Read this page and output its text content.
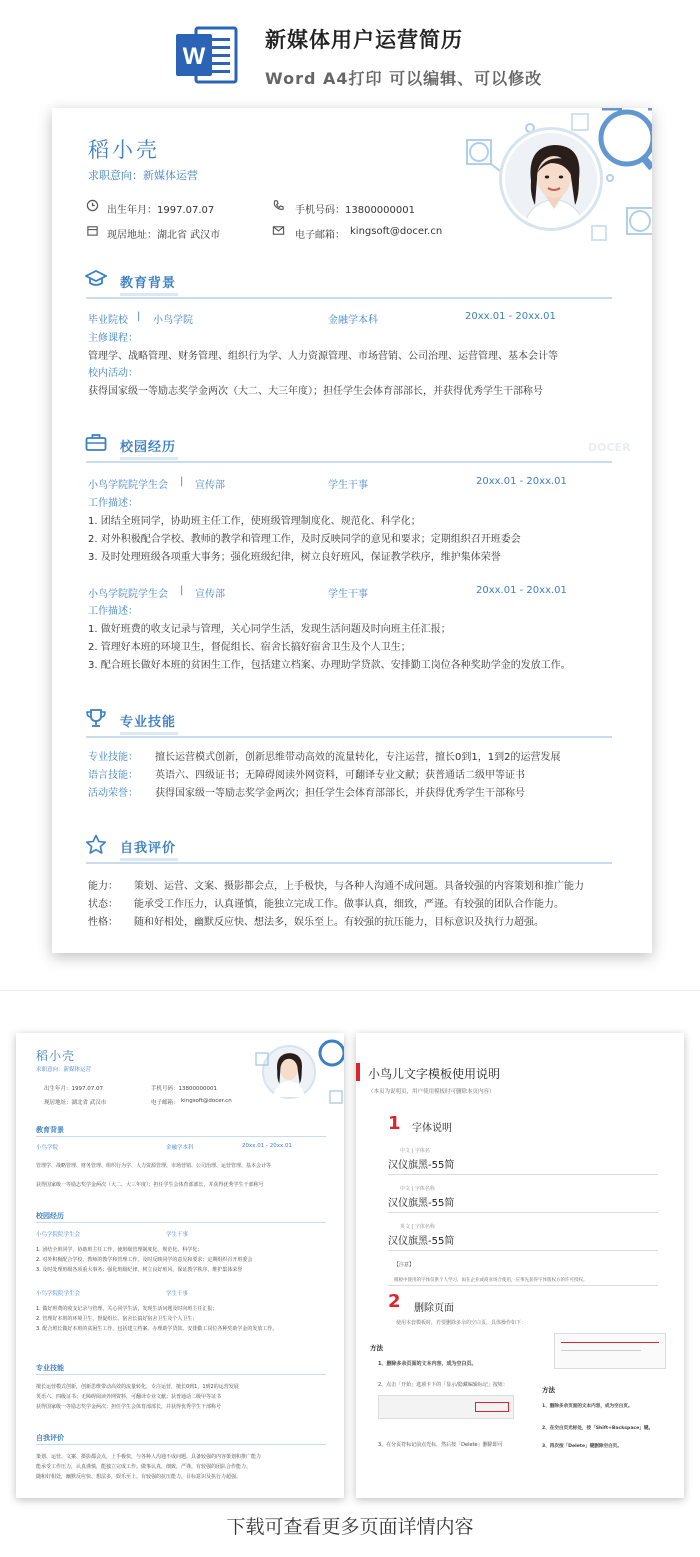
W
新媒体用户运营简历
Word A4打印 可以编辑、可以修改
稻小壳
求职意向：新媒体运营
出生年月：1997.07.07	手机号码：13800000001
现居地址：湖北省 武汉市	电子邮箱： kingsoft@docer.cn
教育背景
毕业院校 | 小鸟学院	金融学本科	20xx.01 - 20xx.01
主修课程：
管理学、战略管理、财务管理、组织行为学、人力资源管理、市场营销、公司治理、运营管理、基本会计等
校内活动：
获得国家级一等励志奖学金两次（大二、大三年度）；担任学生会体育部部长，并获得优秀学生干部称号
校园经历	DOCER
小鸟学院院学生会 | 宣传部	学生干事	20xx.01 - 20xx.01
工作描述：
1. 团结全班同学，协助班主任工作，使班级管理制度化、规范化、科学化；
2. 对外积极配合学校、教师的教学和管理工作，及时反映同学的意见和要求；定期组织召开班委会
3. 及时处理班级各项重大事务；强化班级纪律，树立良好班风，保证教学秩序，维护集体荣誉
小鸟学院院学生会 | 宣传部	学生干事	20xx.01 - 20xx.01
工作描述：
1. 做好班费的收支记录与管理，关心同学生活，发现生活问题及时向班主任汇报；
2. 管理好本班的环境卫生，督促组长、宿舍长搞好宿舍卫生及个人卫生；
3. 配合班长做好本班的贫困生工作，包括建立档案、办理助学贷款、安排勤工岗位各种奖助学金的发放工作。
专业技能
专业技能： 擅长运营模式创新，创新思维带动高效的流量转化，专注运营，擅长0到1，1到2的运营发展
语言技能： 英语六、四级证书；无障碍阅读外网资料，可翻译专业文献；获普通话二级甲等证书
活动荣誉： 获得国家级一等励志奖学金两次；担任学生会体育部部长，并获得优秀学生干部称号
自我评价
能力： 策划、运营、文案、摄影都会点，上手极快，与各种人沟通不成问题。具备较强的内容策划和推广能力
状态： 能承受工作压力，认真谨慎，能独立完成工作。做事认真，细致，严谨。有较强的团队合作能力。
性格： 随和好相处，幽默反应快、想法多，娱乐至上。有较强的抗压能力，目标意识及执行力超强。
稻小壳
求职意向：新媒体运营
出生年月：1997.07.07	手机号码：13800000001
现居地址：湖北省 武汉市	电子邮箱： kingsoft@docer.cn
教育背景
小鸟学院	金融学本科	20xx.01 - 20xx.01
管理学、战略管理、财务管理、组织行为学、人力资源管理、市场营销、公司治理、运营管理、基本会计等
获得国家级一等励志奖学金两次（大二、大三年度）；担任学生会体育部部长，并获得优秀学生干部称号
校园经历
小鸟学院院学生会	学生干事
1. 团结全班同学，协助班主任工作，使班级管理制度化、规范化、科学化；
2. 对外积极配合学校、教师的教学和管理工作，及时反映同学的意见和要求；定期组织召开班委会
3. 及时处理班级各项重大事务；强化班级纪律，树立良好班风，保证教学秩序，维护集体荣誉
小鸟学院院学生会	学生干事
1. 做好班费的收支记录与管理，关心同学生活，发现生活问题及时向班主任汇报；
2. 管理好本班的环境卫生，督促组长、宿舍长搞好宿舍卫生及个人卫生；
3. 配合班长做好本班的贫困生工作，包括建立档案、办理助学贷款、安排勤工岗位各种奖助学金的发放工作。
专业技能
擅长运营模式创新，创新思维带动高效的流量转化，专注运营，擅长0到1，1到2的运营发展
英语六、四级证书；无障碍阅读外网资料，可翻译专业文献；获普通话二级甲等证书
获得国家级一等励志奖学金两次；担任学生会体育部部长，并获得优秀学生干部称号
自我评价
策划、运营、文案、摄影都会点，上手极快，与各种人沟通不成问题。具备较强的内容策划和推广能力
能承受工作压力，认真谨慎，能独立完成工作。做事认真，细致，严谨。有较强的团队合作能力。
随和好相处，幽默反应快、想法多，娱乐至上。有较强的抗压能力，目标意识及执行力超强。
小鸟儿文字模板使用说明
（本页为说明页，用户使用模板时可删除本页内容）
1 字体说明
中文 | 字体名
汉仪旗黑-55简
中文 | 字体名称
汉仪旗黑-55简
英文 | 字体名称
汉仪旗黑-55简
【注意】
模板中使用的字体仅供个人学习，如在企业或商业场合使用，应事先获得字体版权方的许可授权。
2 删除页面
使用本套模板时，若要删除多余的空白页，具体操作如下：
方法
1、删除多余页面的文本内容，成为空白页。
2、点击「开始」选项卡下的「显示/隐藏编辑标记」按钮：
3、在分页符标记前点光标，然后按「Delete」删除即可
方法
1、删除多余页面的文本内容，成为空白页。
2、在空白页光标处，按「Shift+Backspace」键。
3、再次按「Delete」键删除空白页。
下载可查看更多页面详情内容
